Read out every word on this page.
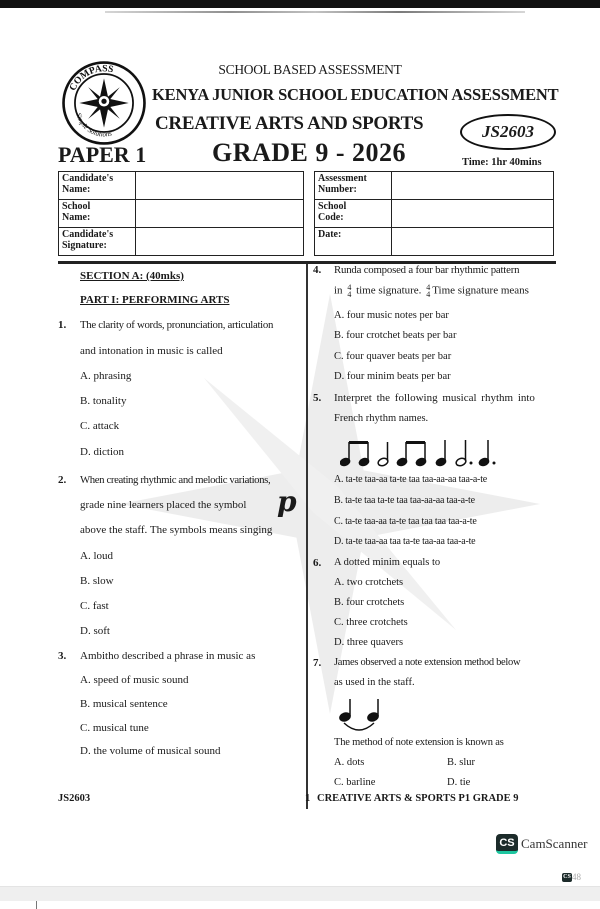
COMPASS
Simple Solutions
SCHOOL BASED ASSESSMENT
KENYA JUNIOR SCHOOL EDUCATION ASSESSMENT
CREATIVE ARTS AND SPORTS	JS2603
PAPER 1	GRADE 9 - 2026	Time: 1hr 40mins
Candidate's
Name:	
School
Name:	
Candidate's
Signature:	
Assessment
Number:	
School
Code:	
Date:	
SECTION A: (40mks)
PART I: PERFORMING ARTS
1. The clarity of words, pronunciation, articulation
and intonation in music is called
A. phrasing
B. tonality
C. attack
D. diction
2. When creating rhythmic and melodic variations,
grade nine learners placed the symbol p
above the staff. The symbols means singing
A. loud
B. slow
C. fast
D. soft
3. Ambitho described a phrase in music as
A. speed of music sound
B. musical sentence
C. musical tune
D. the volume of musical sound
4. Runda composed a four bar rhythmic pattern
in 4
4 time signature. 4
4 Time signature means
A. four music notes per bar
B. four crotchet beats per bar
C. four quaver beats per bar
D. four minim beats per bar
5. Interpret the following musical rhythm into
French rhythm names.
A. ta-te taa-aa ta-te taa taa-aa-aa taa-a-te
B. ta-te taa ta-te taa taa-aa-aa taa-a-te
C. ta-te taa-aa ta-te taa taa taa taa-a-te
D. ta-te taa-aa taa ta-te taa-aa taa-a-te
6. A dotted minim equals to
A. two crotchets
B. four crotchets
C. three crotchets
D. three quavers
7. James observed a note extension method below
as used in the staff.
The method of note extension is known as
A. dots	B. slur
C. barline	D. tie
JS2603	1 CREATIVE ARTS & SPORTS P1 GRADE 9
CS CamScanner
CS48
